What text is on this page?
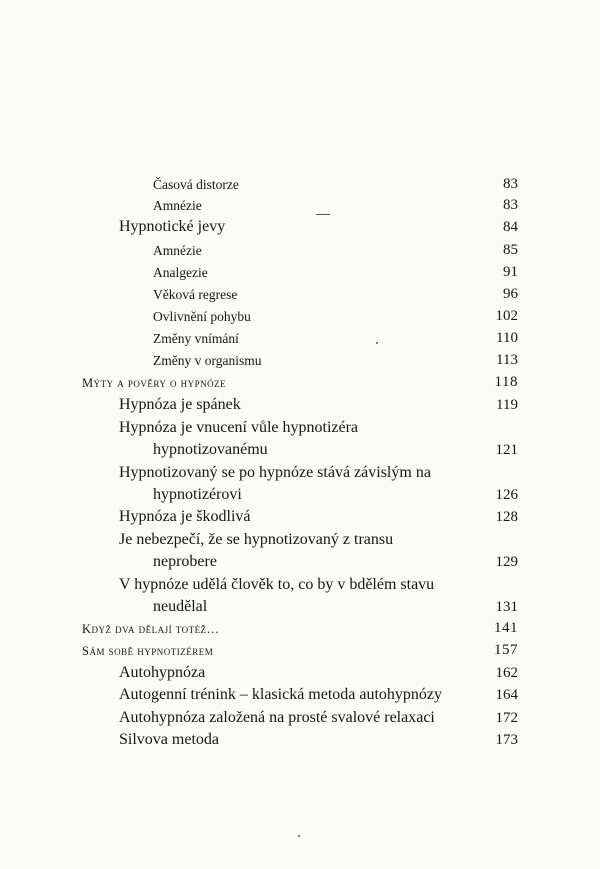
Časová distorze	83
Amnézie	83
Hypnotické jevy	84
Amnézie	85
Analgezie	91
Věková regrese	96
Ovlivnění pohybu	102
Změny vnímání	110
Změny v organismu	113
Mýty a pověry o hypnóze	118
Hypnóza je spánek	119
Hypnóza je vnucení vůle hypnotizéra
hypnotizovanému	121
Hypnotizovaný se po hypnóze stává závislým na
hypnotizérovi	126
Hypnóza je škodlivá	128
Je nebezpečí, že se hypnotizovaný z transu
neprobere	129
V hypnóze udělá člověk to, co by v bdělém stavu
neudělal	131
Když dva dělají totéž…	141
Sám sobě hypnotizérem	157
Autohypnóza	162
Autogenní trénink – klasická metoda autohypnózy	164
Autohypnóza založená na prosté svalové relaxaci	172
Silvova metoda	173
